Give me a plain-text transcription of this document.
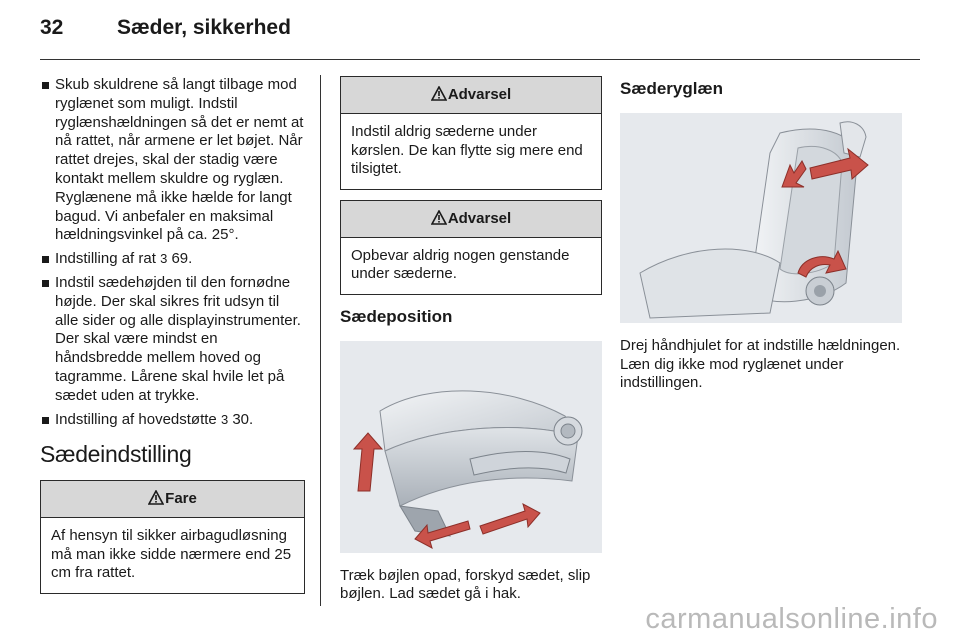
32	Sæder, sikkerhed
Skub skuldrene så langt tilbage mod ryglænet som muligt. Indstil ryglænshældningen så det er nemt at nå rattet, når armene er let bøjet. Når rattet drejes, skal der stadig være kontakt mellem skuldre og ryglæn. Ryglænene må ikke hælde for langt bagud. Vi anbefaler en maksimal hældningsvinkel på ca. 25°.
Indstilling af rat 3 69.
Indstil sædehøjden til den fornødne højde. Der skal sikres frit udsyn til alle sider og alle displayinstrumenter. Der skal være mindst en håndsbredde mellem hoved og tagramme. Lårene skal hvile let på sædet uden at trykke.
Indstilling af hovedstøtte 3 30.
Sædeindstilling
Fare
Af hensyn til sikker airbagudløsning må man ikke sidde nærmere end 25 cm fra rattet.
Advarsel
Indstil aldrig sæderne under kørslen. De kan flytte sig mere end tilsigtet.
Advarsel
Opbevar aldrig nogen genstande under sæderne.
Sædeposition
Træk bøjlen opad, forskyd sædet, slip bøjlen. Lad sædet gå i hak.
Sæderyglæn
Drej håndhjulet for at indstille hældningen. Læn dig ikke mod ryglænet under indstillingen.
carmanualsonline.info
